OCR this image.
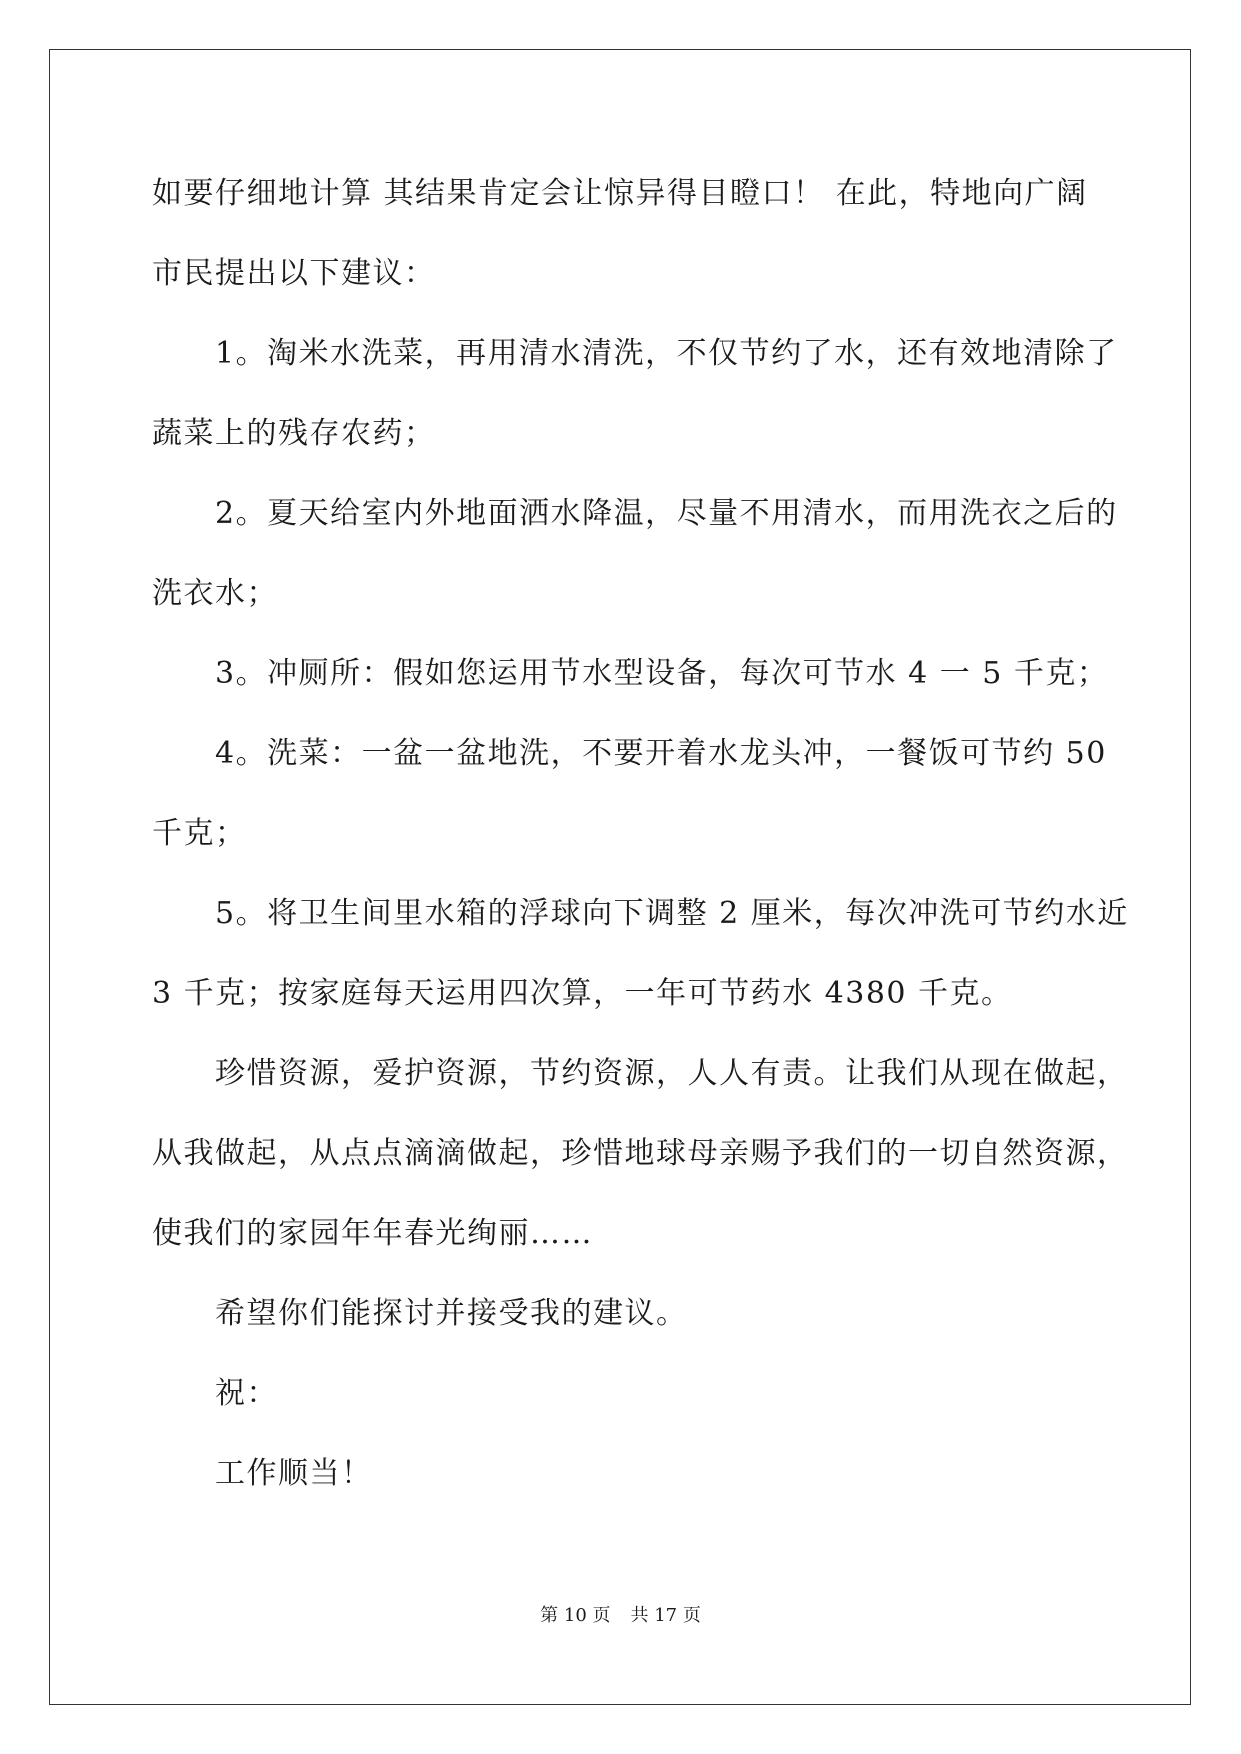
如要仔细地计算 其结果肯定会让惊异得目瞪口！ 在此，特地向广阔
市民提出以下建议：
1。淘米水洗菜，再用清水清洗，不仅节约了水，还有效地清除了
蔬菜上的残存农药；
2。夏天给室内外地面洒水降温，尽量不用清水，而用洗衣之后的
洗衣水；
3。冲厕所：假如您运用节水型设备，每次可节水 4 一 5 千克；
4。洗菜：一盆一盆地洗，不要开着水龙头冲，一餐饭可节约 50
千克；
5。将卫生间里水箱的浮球向下调整 2 厘米，每次冲洗可节约水近
3 千克；按家庭每天运用四次算，一年可节药水 4380 千克。
珍惜资源，爱护资源，节约资源，人人有责。让我们从现在做起，
从我做起，从点点滴滴做起，珍惜地球母亲赐予我们的一切自然资源，
使我们的家园年年春光绚丽……
希望你们能探讨并接受我的建议。
祝：
工作顺当！
第 10 页 共 17 页
